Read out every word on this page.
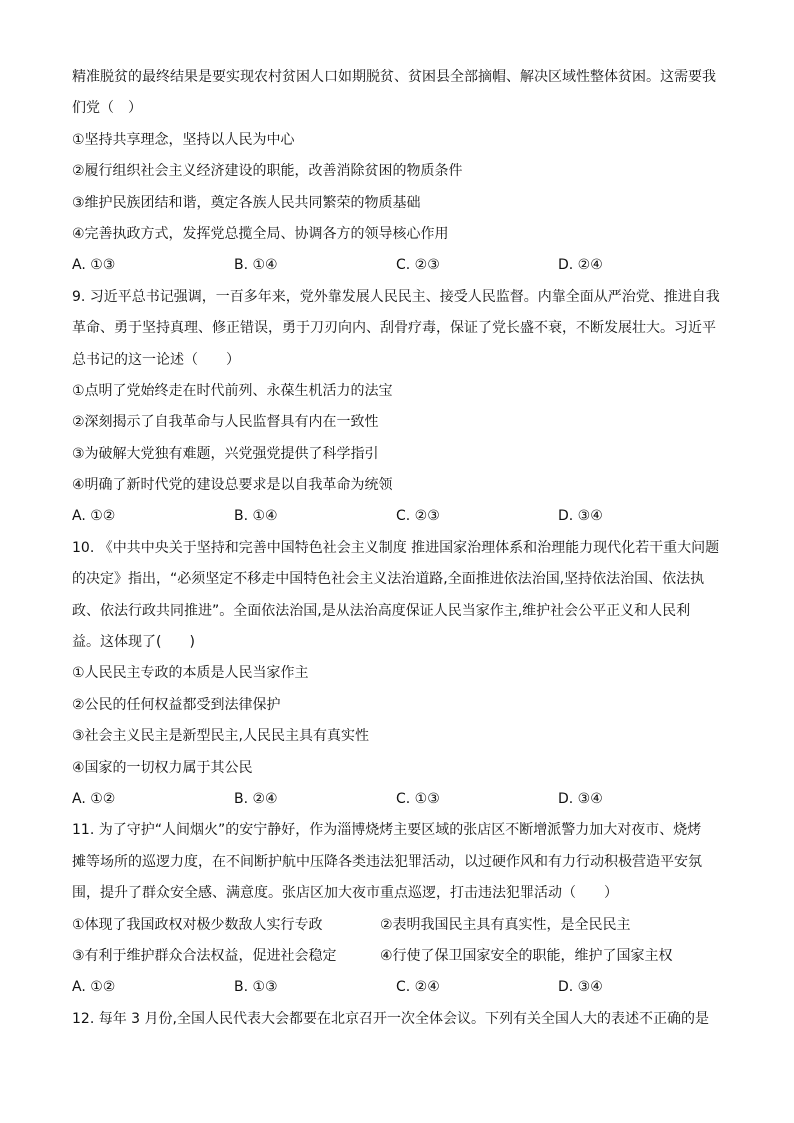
精准脱贫的最终结果是要实现农村贫困人口如期脱贫、贫困县全部摘帽、解决区域性整体贫困。这需要我
们党（　）
①坚持共享理念，坚持以人民为中心
②履行组织社会主义经济建设的职能，改善消除贫困的物质条件
③维护民族团结和谐，奠定各族人民共同繁荣的物质基础
④完善执政方式，发挥党总揽全局、协调各方的领导核心作用
A. ①③	B. ①④	C. ②③	D. ②④
9. 习近平总书记强调，一百多年来，党外靠发展人民民主、接受人民监督。内靠全面从严治党、推进自我
革命、勇于坚持真理、修正错误，勇于刀刃向内、刮骨疗毒，保证了党长盛不衰，不断发展壮大。习近平
总书记的这一论述（　　）
①点明了党始终走在时代前列、永葆生机活力的法宝
②深刻揭示了自我革命与人民监督具有内在一致性
③为破解大党独有难题，兴党强党提供了科学指引
④明确了新时代党的建设总要求是以自我革命为统领
A. ①②	B. ①④	C. ②③	D. ③④
10. 《中共中央关于坚持和完善中国特色社会主义制度 推进国家治理体系和治理能力现代化若干重大问题
的决定》指出，“必须坚定不移走中国特色社会主义法治道路,全面推进依法治国,坚持依法治国、依法执
政、依法行政共同推进”。全面依法治国,是从法治高度保证人民当家作主,维护社会公平正义和人民利
益。这体现了(　　)
①人民民主专政的本质是人民当家作主
②公民的任何权益都受到法律保护
③社会主义民主是新型民主,人民民主具有真实性
④国家的一切权力属于其公民
A. ①②	B. ②④	C. ①③	D. ③④
11. 为了守护“人间烟火”的安宁静好，作为淄博烧烤主要区域的张店区不断增派警力加大对夜市、烧烤
摊等场所的巡逻力度，在不间断护航中压降各类违法犯罪活动，以过硬作风和有力行动积极营造平安氛
围，提升了群众安全感、满意度。张店区加大夜市重点巡逻，打击违法犯罪活动（　　）
①体现了我国政权对极少数敌人实行专政	②表明我国民主具有真实性，是全民民主
③有利于维护群众合法权益，促进社会稳定	④行使了保卫国家安全的职能，维护了国家主权
A. ①②	B. ①③	C. ②④	D. ③④
12. 每年 3 月份,全国人民代表大会都要在北京召开一次全体会议。下列有关全国人大的表述不正确的是
